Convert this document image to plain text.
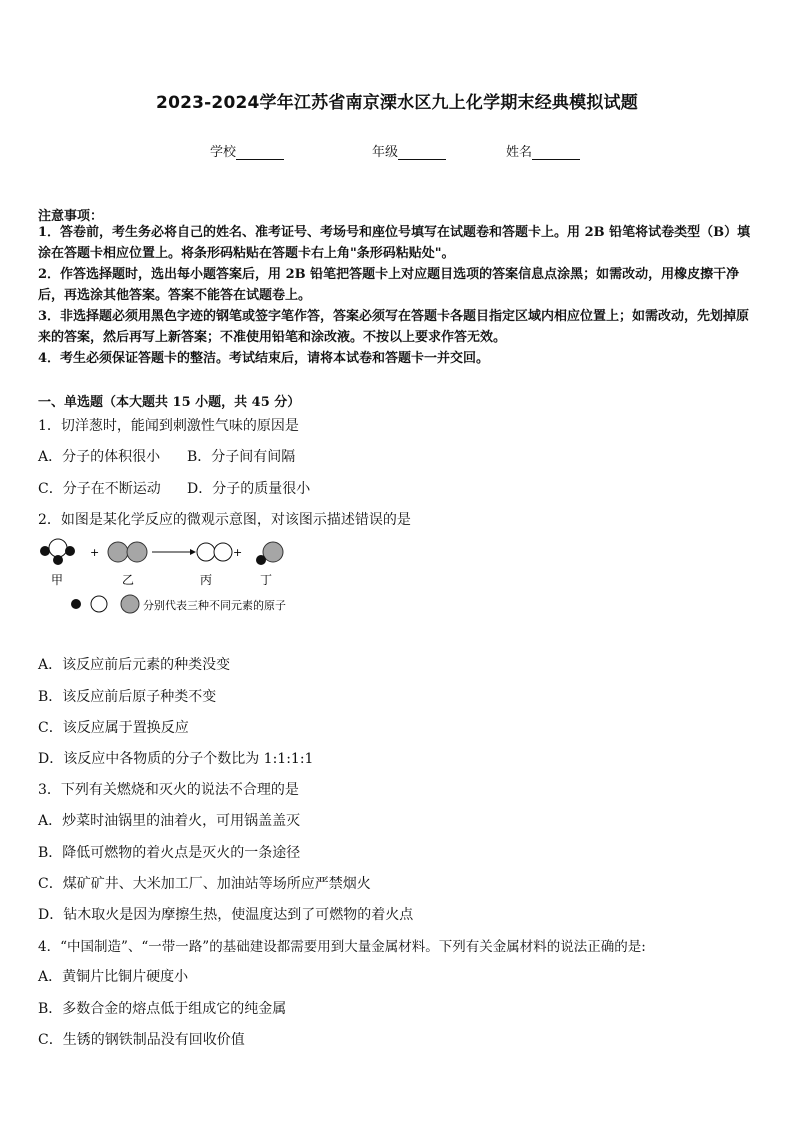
2023-2024学年江苏省南京溧水区九上化学期末经典模拟试题
学校	年级	姓名
注意事项：
1．答卷前，考生务必将自己的姓名、准考证号、考场号和座位号填写在试题卷和答题卡上。用 2B 铅笔将试卷类型（B）填涂在答题卡相应位置上。将条形码粘贴在答题卡右上角"条形码粘贴处"。
2．作答选择题时，选出每小题答案后，用 2B 铅笔把答题卡上对应题目选项的答案信息点涂黑；如需改动，用橡皮擦干净后，再选涂其他答案。答案不能答在试题卷上。
3．非选择题必须用黑色字迹的钢笔或签字笔作答，答案必须写在答题卡各题目指定区域内相应位置上；如需改动，先划掉原来的答案，然后再写上新答案；不准使用铅笔和涂改液。不按以上要求作答无效。
4．考生必须保证答题卡的整洁。考试结束后，请将本试卷和答题卡一并交回。
一、单选题（本大题共 15 小题，共 45 分）
1．切洋葱时，能闻到刺激性气味的原因是
A．分子的体积很小 B．分子间有间隔
C．分子在不断运动 D．分子的质量很小
2．如图是某化学反应的微观示意图，对该图示描述错误的是
+	+
甲	乙	丙	丁
分别代表三种不同元素的原子
A．该反应前后元素的种类没变
B．该反应前后原子种类不变
C．该反应属于置换反应
D．该反应中各物质的分子个数比为 1:1:1:1
3．下列有关燃烧和灭火的说法不合理的是
A．炒菜时油锅里的油着火，可用锅盖盖灭
B．降低可燃物的着火点是灭火的一条途径
C．煤矿矿井、大米加工厂、加油站等场所应严禁烟火
D．钻木取火是因为摩擦生热，使温度达到了可燃物的着火点
4．“中国制造”、“一带一路”的基础建设都需要用到大量金属材料。下列有关金属材料的说法正确的是:
A．黄铜片比铜片硬度小
B．多数合金的熔点低于组成它的纯金属
C．生锈的钢铁制品没有回收价值
